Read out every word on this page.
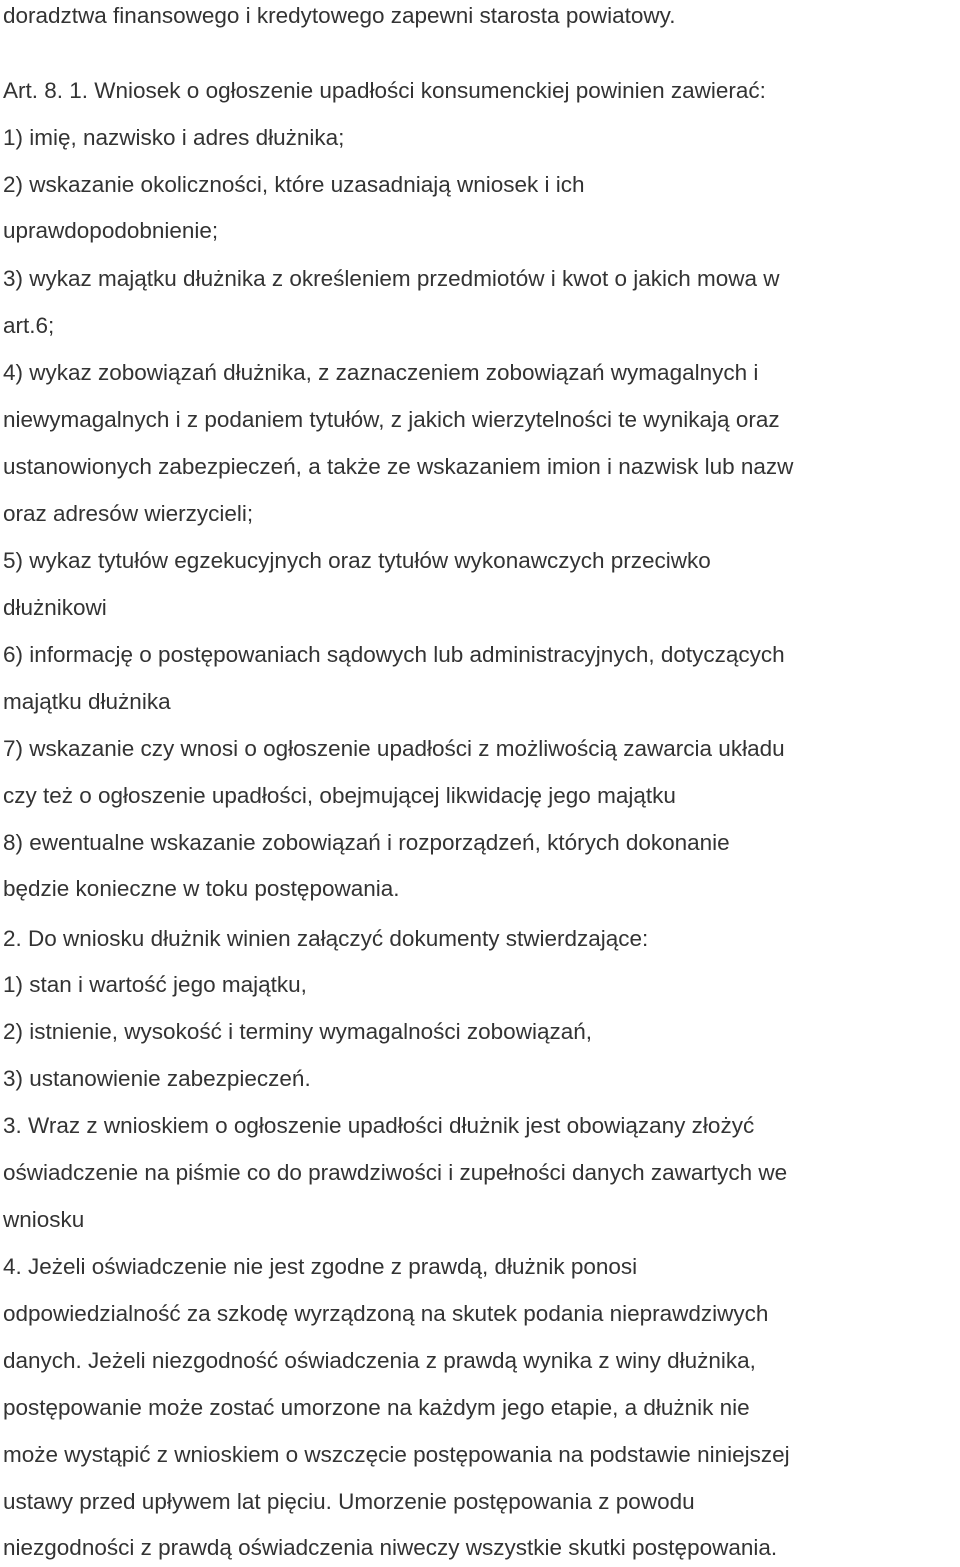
doradztwa finansowego i kredytowego zapewni starosta powiatowy.
Art. 8. 1. Wniosek o ogłoszenie upadłości konsumenckiej powinien zawierać:
1) imię, nazwisko i adres dłużnika;
2) wskazanie okoliczności, które uzasadniają wniosek i ich
uprawdopodobnienie;
3) wykaz majątku dłużnika z określeniem przedmiotów i kwot o jakich mowa w
art.6;
4) wykaz zobowiązań dłużnika, z zaznaczeniem zobowiązań wymagalnych i
niewymagalnych i z podaniem tytułów, z jakich wierzytelności te wynikają oraz
ustanowionych zabezpieczeń, a także ze wskazaniem imion i nazwisk lub nazw
oraz adresów wierzycieli;
5) wykaz tytułów egzekucyjnych oraz tytułów wykonawczych przeciwko
dłużnikowi
6) informację o postępowaniach sądowych lub administracyjnych, dotyczących
majątku dłużnika
7) wskazanie czy wnosi o ogłoszenie upadłości z możliwością zawarcia układu
czy też o ogłoszenie upadłości, obejmującej likwidację jego majątku
8) ewentualne wskazanie zobowiązań i rozporządzeń, których dokonanie
będzie konieczne w toku postępowania.
2. Do wniosku dłużnik winien załączyć dokumenty stwierdzające:
1) stan i wartość jego majątku,
2) istnienie, wysokość i terminy wymagalności zobowiązań,
3) ustanowienie zabezpieczeń.
3. Wraz z wnioskiem o ogłoszenie upadłości dłużnik jest obowiązany złożyć
oświadczenie na piśmie co do prawdziwości i zupełności danych zawartych we
wniosku
4. Jeżeli oświadczenie nie jest zgodne z prawdą, dłużnik ponosi
odpowiedzialność za szkodę wyrządzoną na skutek podania nieprawdziwych
danych. Jeżeli niezgodność oświadczenia z prawdą wynika z winy dłużnika,
postępowanie może zostać umorzone na każdym jego etapie, a dłużnik nie
może wystąpić z wnioskiem o wszczęcie postępowania na podstawie niniejszej
ustawy przed upływem lat pięciu. Umorzenie postępowania z powodu
niezgodności z prawdą oświadczenia niweczy wszystkie skutki postępowania.
